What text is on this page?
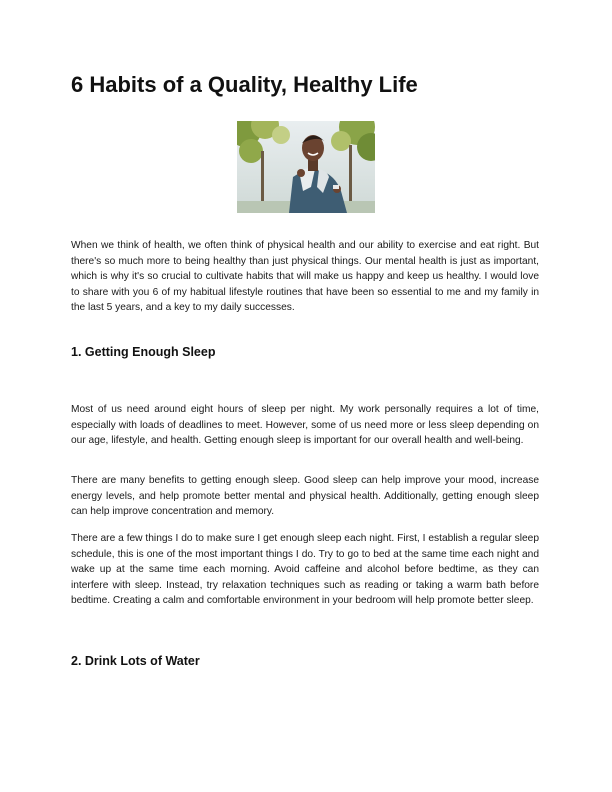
6 Habits of a Quality, Healthy Life

When we think of health, we often think of physical health and our ability to exercise and eat right. But there's so much more to being healthy than just physical things. Our mental health is just as important, which is why it's so crucial to cultivate habits that will make us happy and keep us healthy. I would love to share with you 6 of my habitual lifestyle routines that have been so essential to me and my family in the last 5 years, and a key to my daily successes.

1. Getting Enough Sleep

Most of us need around eight hours of sleep per night. My work personally requires a lot of time, especially with loads of deadlines to meet. However, some of us need more or less sleep depending on our age, lifestyle, and health. Getting enough sleep is important for our overall health and well-being.

There are many benefits to getting enough sleep. Good sleep can help improve your mood, increase energy levels, and help promote better mental and physical health. Additionally, getting enough sleep can help improve concentration and memory.

There are a few things I do to make sure I get enough sleep each night. First, I establish a regular sleep schedule, this is one of the most important things I do. Try to go to bed at the same time each night and wake up at the same time each morning. Avoid caffeine and alcohol before bedtime, as they can interfere with sleep. Instead, try relaxation techniques such as reading or taking a warm bath before bedtime. Creating a calm and comfortable environment in your bedroom will help promote better sleep.

2. Drink Lots of Water
